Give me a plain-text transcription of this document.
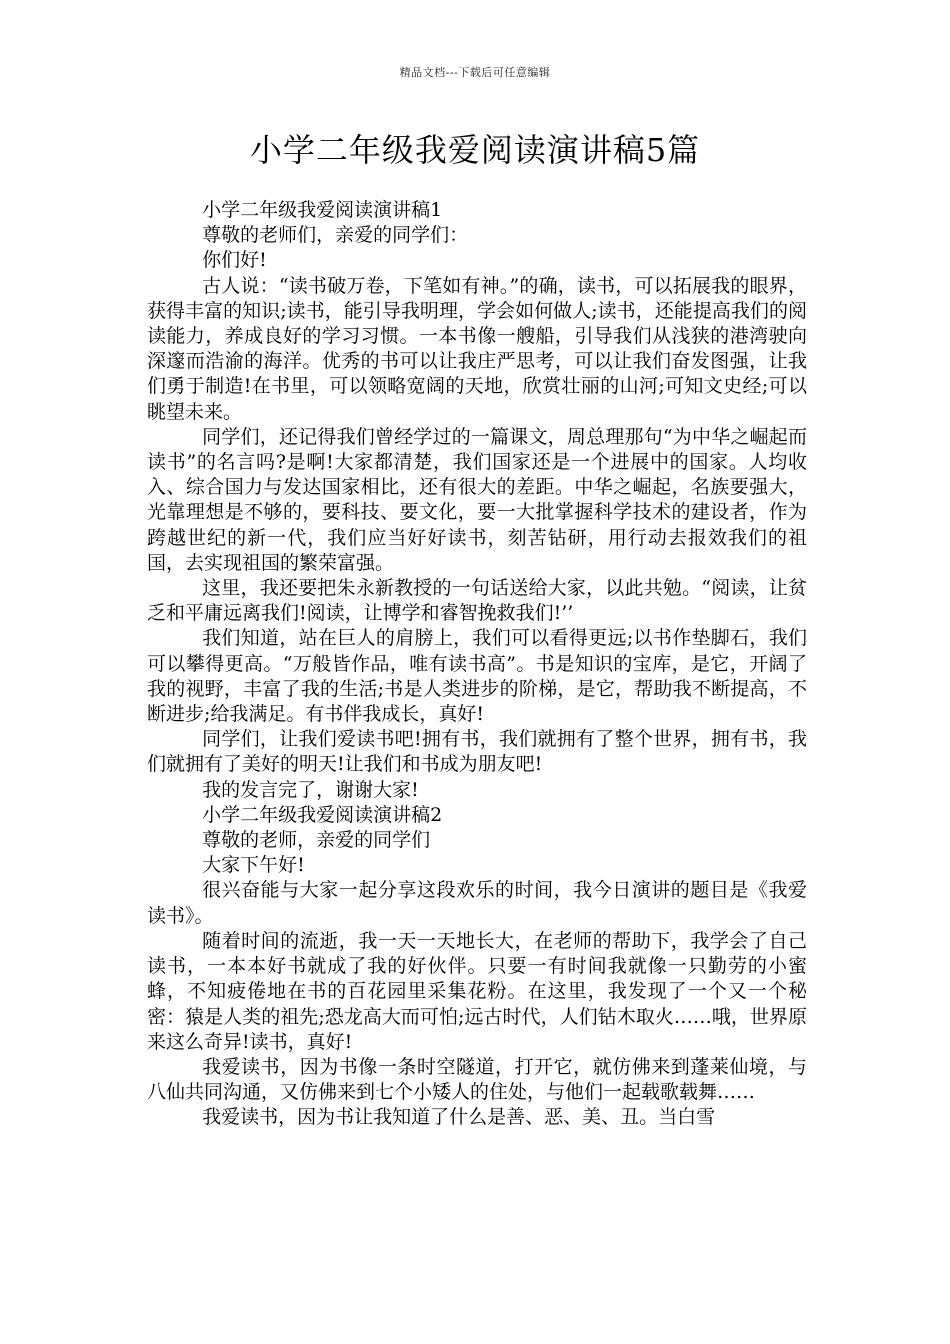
精品文档---下载后可任意编辑
小学二年级我爱阅读演讲稿5篇

小学二年级我爱阅读演讲稿1

尊敬的老师们，亲爱的同学们：

你们好!

古人说：“读书破万卷，下笔如有神。”的确，读书，可以拓展我的眼界，获得丰富的知识;读书，能引导我明理，学会如何做人;读书，还能提高我们的阅读能力，养成良好的学习习惯。一本书像一艘船，引导我们从浅狭的港湾驶向深邃而浩渝的海洋。优秀的书可以让我庄严思考，可以让我们奋发图强，让我们勇于制造!在书里，可以领略宽阔的天地，欣赏壮丽的山河;可知文史经;可以眺望未来。

同学们，还记得我们曾经学过的一篇课文，周总理那句“为中华之崛起而读书”的名言吗?是啊!大家都清楚，我们国家还是一个进展中的国家。人均收入、综合国力与发达国家相比，还有很大的差距。中华之崛起，名族要强大，光靠理想是不够的，要科技、要文化，要一大批掌握科学技术的建设者，作为跨越世纪的新一代，我们应当好好读书，刻苦钻研，用行动去报效我们的祖国，去实现祖国的繁荣富强。

这里，我还要把朱永新教授的一句话送给大家，以此共勉。“阅读，让贫乏和平庸远离我们!阅读，让博学和睿智挽救我们!’’

我们知道，站在巨人的肩膀上，我们可以看得更远;以书作垫脚石，我们可以攀得更高。“万般皆作品，唯有读书高”。书是知识的宝库，是它，开阔了我的视野，丰富了我的生活;书是人类进步的阶梯，是它，帮助我不断提高，不断进步;给我满足。有书伴我成长，真好!

同学们，让我们爱读书吧!拥有书，我们就拥有了整个世界，拥有书，我们就拥有了美好的明天!让我们和书成为朋友吧!

我的发言完了，谢谢大家!

小学二年级我爱阅读演讲稿2

尊敬的老师，亲爱的同学们

大家下午好!

很兴奋能与大家一起分享这段欢乐的时间，我今日演讲的题目是《我爱读书》。

随着时间的流逝，我一天一天地长大，在老师的帮助下，我学会了自己读书，一本本好书就成了我的好伙伴。只要一有时间我就像一只勤劳的小蜜蜂，不知疲倦地在书的百花园里采集花粉。在这里，我发现了一个又一个秘密：猿是人类的祖先;恐龙高大而可怕;远古时代，人们钻木取火……哦，世界原来这么奇异!读书，真好!

我爱读书，因为书像一条时空隧道，打开它，就仿佛来到蓬莱仙境，与八仙共同沟通，又仿佛来到七个小矮人的住处，与他们一起载歌载舞……

我爱读书，因为书让我知道了什么是善、恶、美、丑。当白雪
